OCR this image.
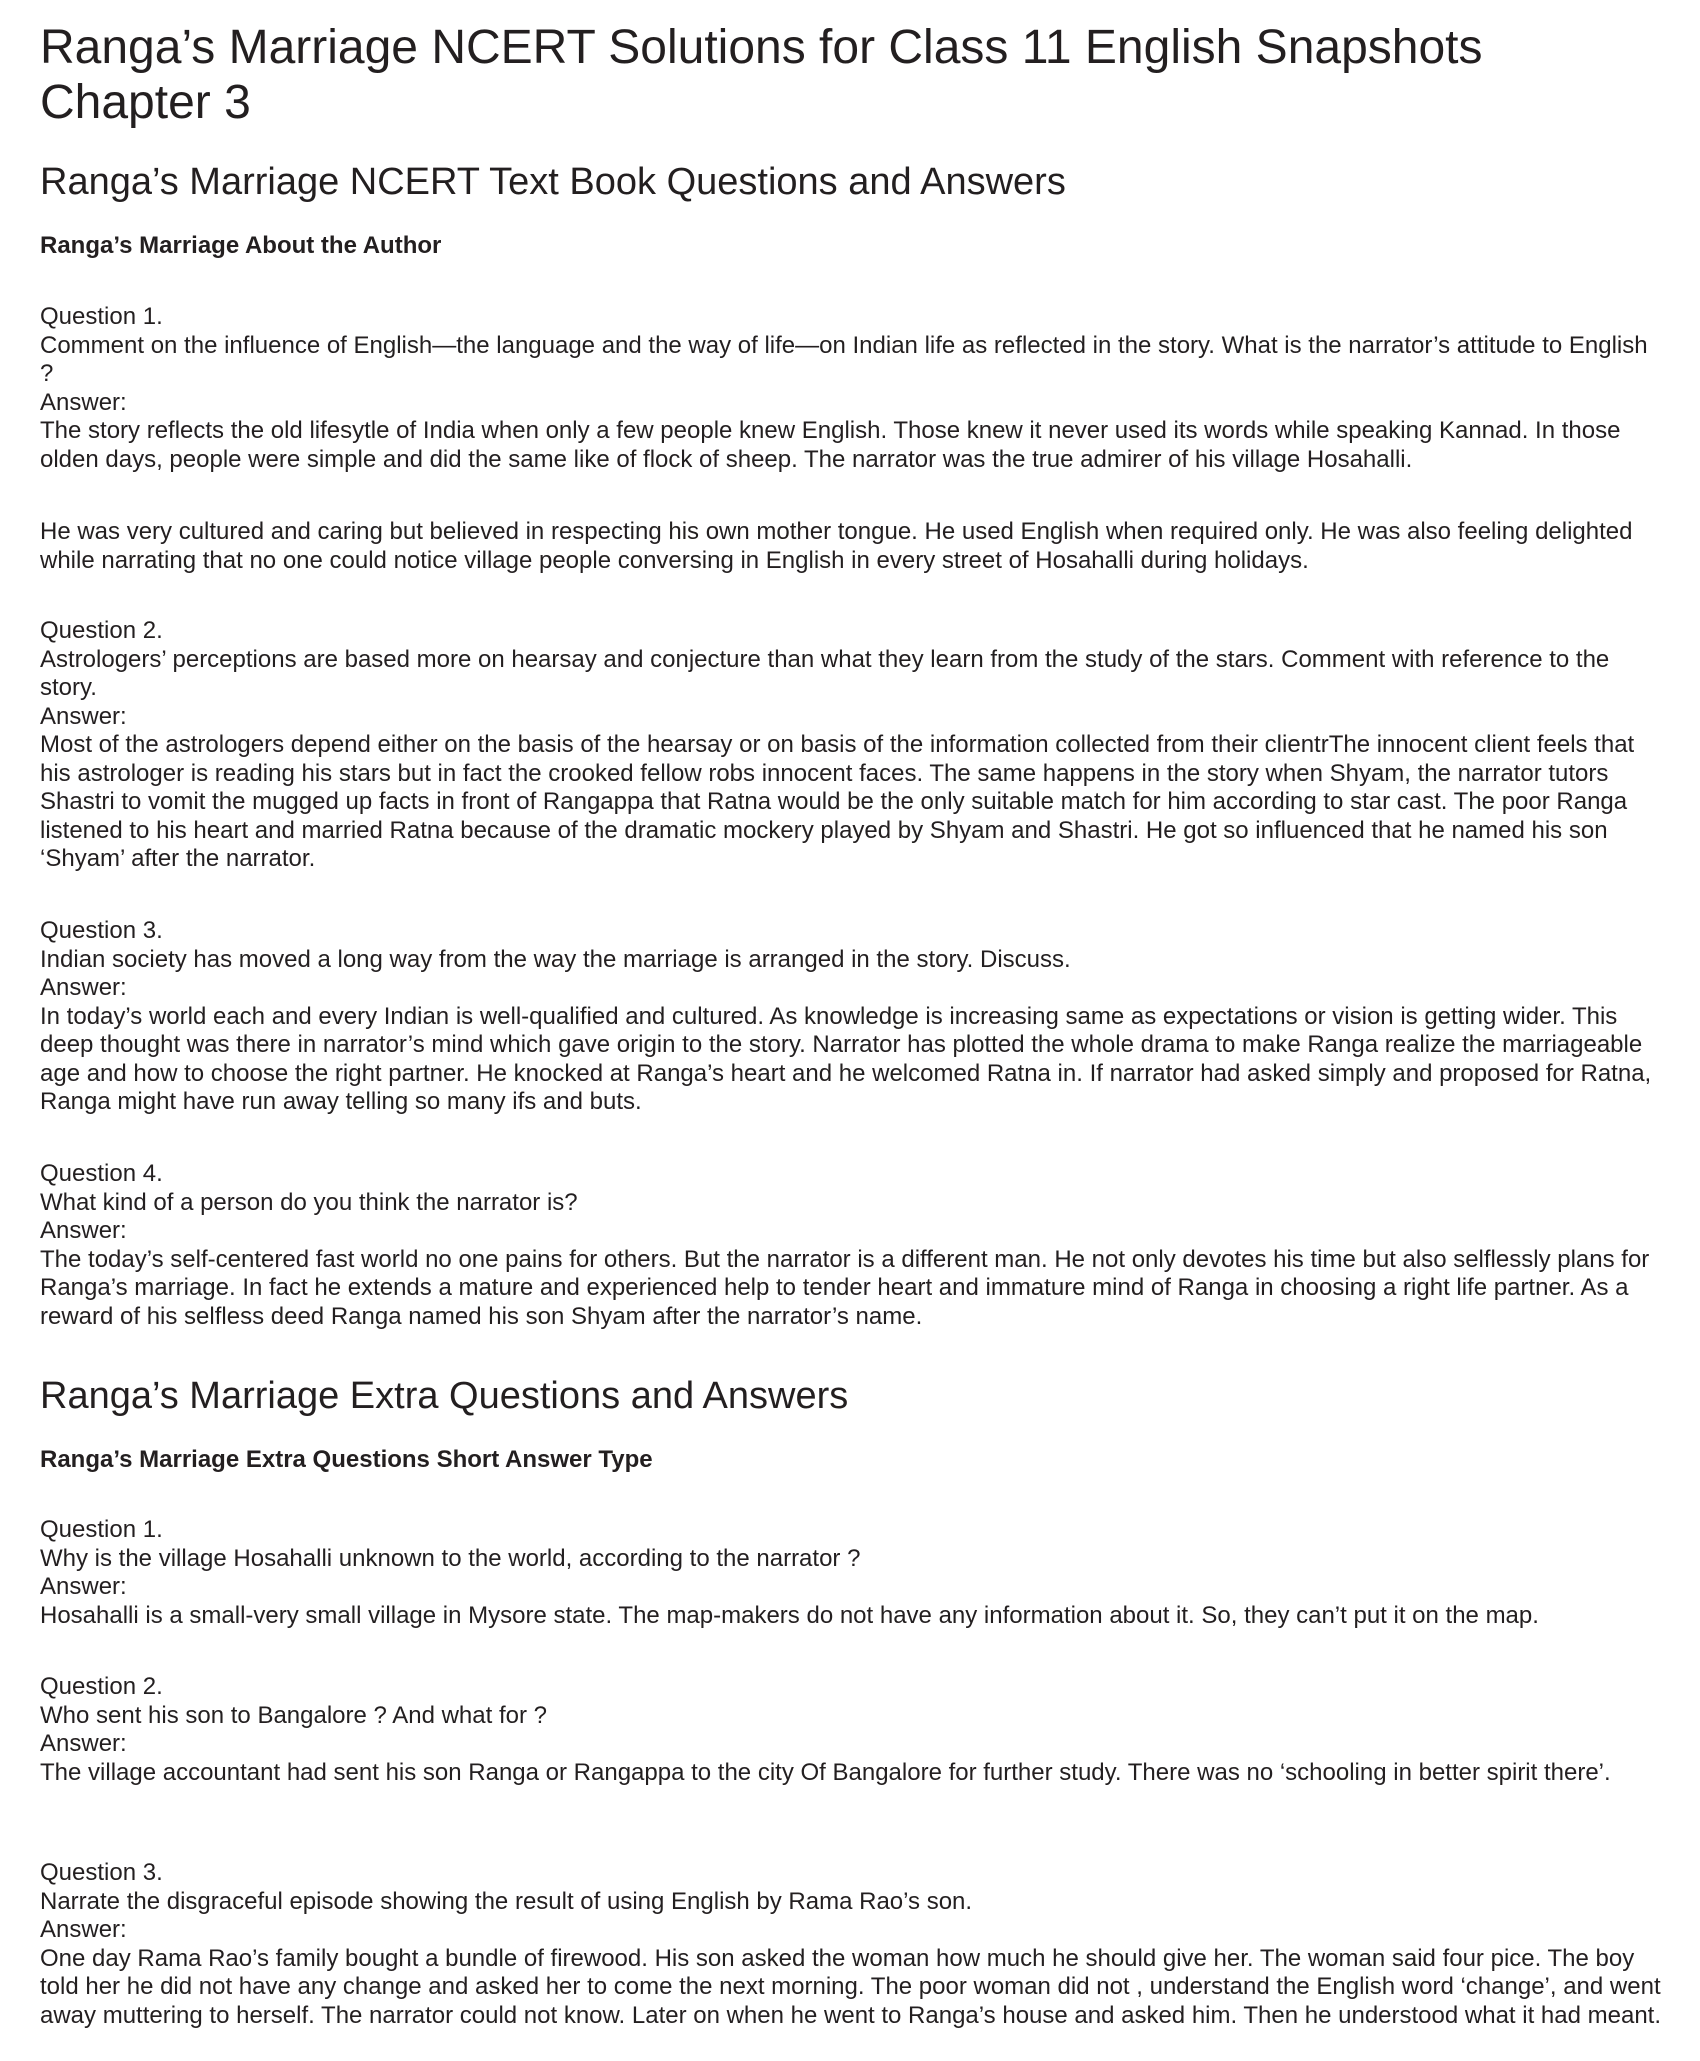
Ranga’s Marriage NCERT Solutions for Class 11 English Snapshots Chapter 3
Ranga’s Marriage NCERT Text Book Questions and Answers
Ranga’s Marriage About the Author
Question 1.
Comment on the influence of English—the language and the way of life—on Indian life as reflected in the story. What is the narrator’s attitude to English ?
Answer:
The story reflects the old lifesytle of India when only a few people knew English. Those knew it never used its words while speaking Kannad. In those olden days, people were simple and did the same like of flock of sheep. The narrator was the true admirer of his village Hosahalli.
He was very cultured and caring but believed in respecting his own mother tongue. He used English when required only. He was also feeling delighted while narrating that no one could notice village people conversing in English in every street of Hosahalli during holidays.
Question 2.
Astrologers’ perceptions are based more on hearsay and conjecture than what they learn from the study of the stars. Comment with reference to the story.
Answer:
Most of the astrologers depend either on the basis of the hearsay or on basis of the information collected from their clientrThe innocent client feels that his astrologer is reading his stars but in fact the crooked fellow robs innocent faces. The same happens in the story when Shyam, the narrator tutors Shastri to vomit the mugged up facts in front of Rangappa that Ratna would be the only suitable match for him according to star cast. The poor Ranga listened to his heart and married Ratna because of the dramatic mockery played by Shyam and Shastri. He got so influenced that he named his son ‘Shyam’ after the narrator.
Question 3.
Indian society has moved a long way from the way the marriage is arranged in the story. Discuss.
Answer:
In today’s world each and every Indian is well-qualified and cultured. As knowledge is increasing same as expectations or vision is getting wider. This deep thought was there in narrator’s mind which gave origin to the story. Narrator has plotted the whole drama to make Ranga realize the marriageable age and how to choose the right partner. He knocked at Ranga’s heart and he welcomed Ratna in. If narrator had asked simply and proposed for Ratna, Ranga might have run away telling so many ifs and buts.
Question 4.
What kind of a person do you think the narrator is?
Answer:
The today’s self-centered fast world no one pains for others. But the narrator is a different man. He not only devotes his time but also selflessly plans for Ranga’s marriage. In fact he extends a mature and experienced help to tender heart and immature mind of Ranga in choosing a right life partner. As a reward of his selfless deed Ranga named his son Shyam after the narrator’s name.
Ranga’s Marriage Extra Questions and Answers
Ranga’s Marriage Extra Questions Short Answer Type
Question 1.
Why is the village Hosahalli unknown to the world, according to the narrator ?
Answer:
Hosahalli is a small-very small village in Mysore state. The map-makers do not have any information about it. So, they can’t put it on the map.
Question 2.
Who sent his son to Bangalore ? And what for ?
Answer:
The village accountant had sent his son Ranga or Rangappa to the city Of Bangalore for further study. There was no ‘schooling in better spirit there’.
Question 3.
Narrate the disgraceful episode showing the result of using English by Rama Rao’s son.
Answer:
One day Rama Rao’s family bought a bundle of firewood. His son asked the woman how much he should give her. The woman said four pice. The boy told her he did not have any change and asked her to come the next morning. The poor woman did not , understand the English word ‘change’, and went away muttering to herself. The narrator could not know. Later on when he went to Ranga’s house and asked him. Then he understood what it had meant.
